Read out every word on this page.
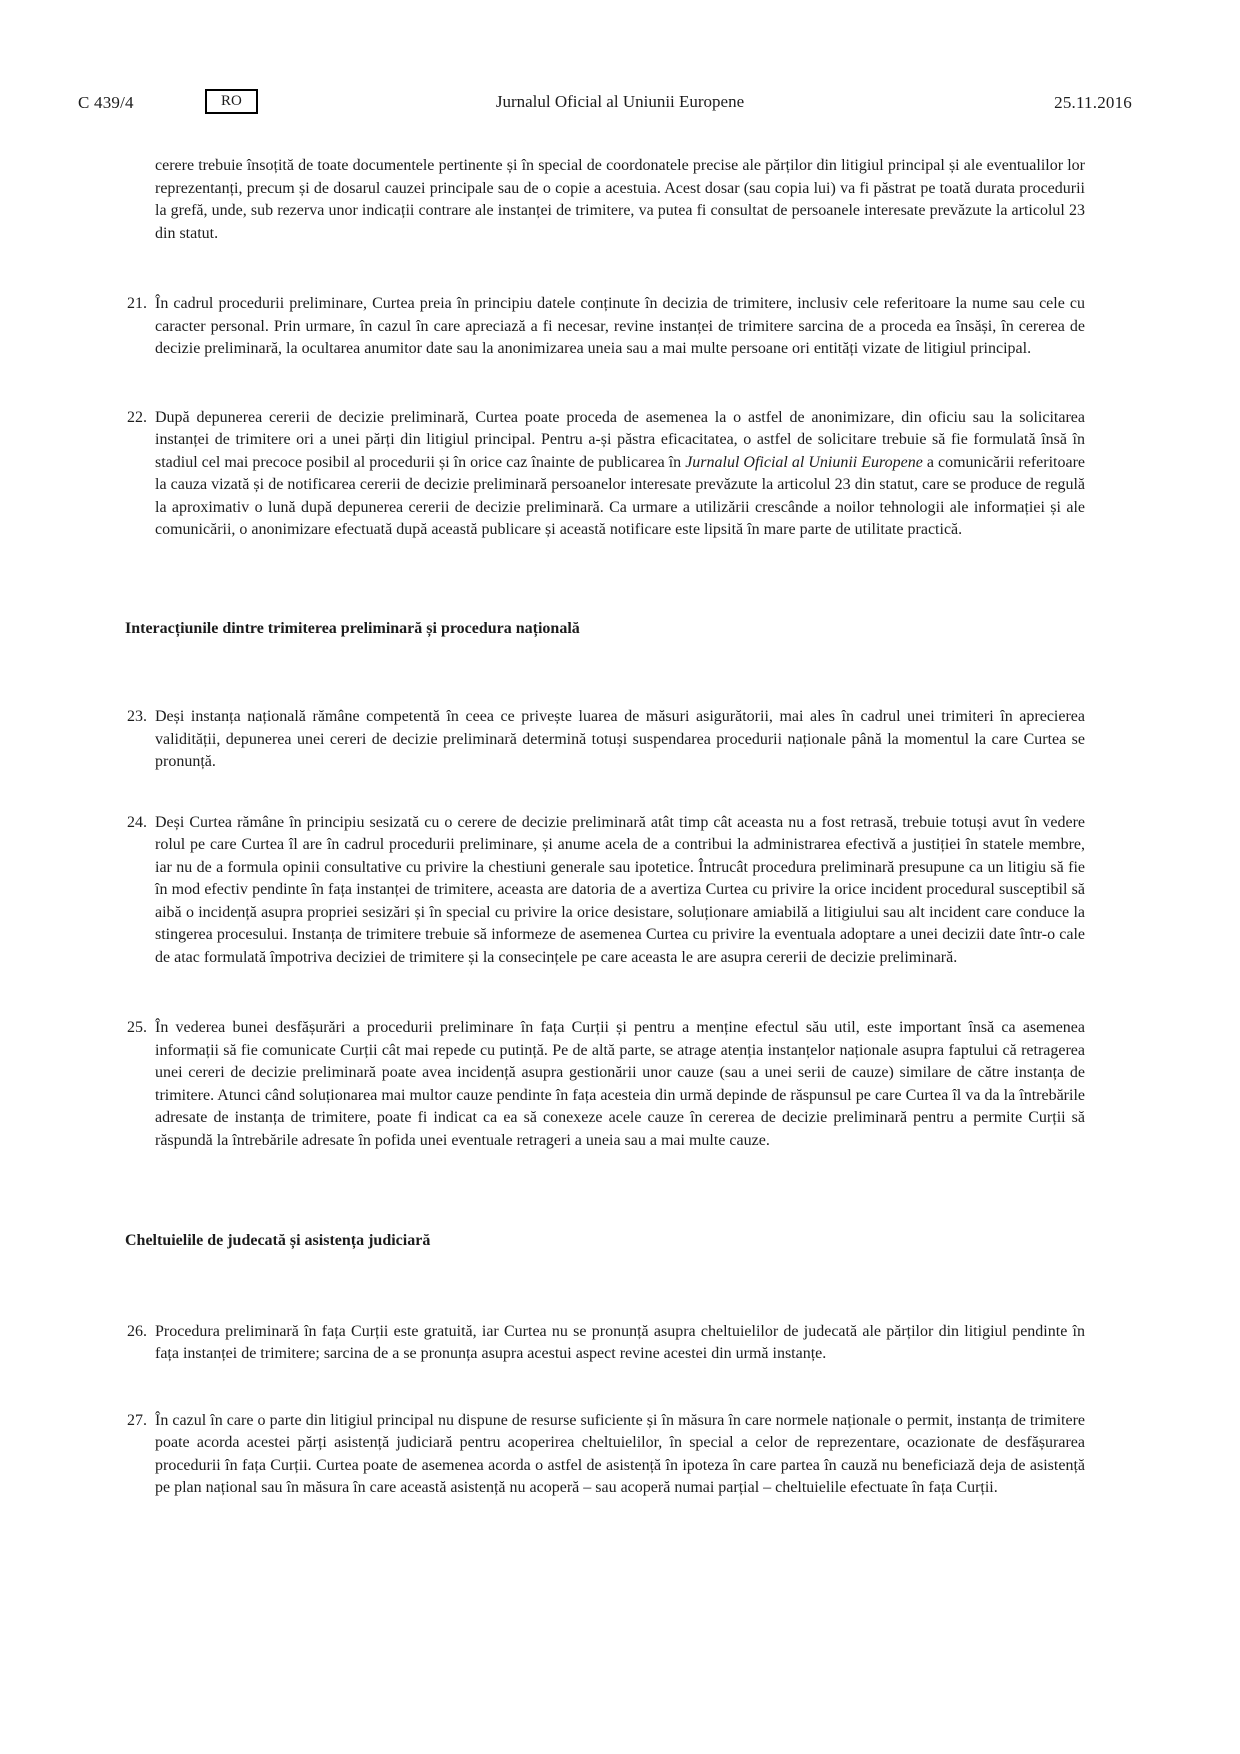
Jurnalul Oficial al Uniunii Europene
C 439/4	RO	25.11.2016

cerere trebuie însoțită de toate documentele pertinente și în special de coordonatele precise ale părților din litigiul principal și ale eventualilor lor reprezentanți, precum și de dosarul cauzei principale sau de o copie a acestuia. Acest dosar (sau copia lui) va fi păstrat pe toată durata procedurii la grefă, unde, sub rezerva unor indicații contrare ale instanței de trimitere, va putea fi consultat de persoanele interesate prevăzute la articolul 23 din statut.

21. În cadrul procedurii preliminare, Curtea preia în principiu datele conținute în decizia de trimitere, inclusiv cele referitoare la nume sau cele cu caracter personal. Prin urmare, în cazul în care apreciază a fi necesar, revine instanței de trimitere sarcina de a proceda ea însăși, în cererea de decizie preliminară, la ocultarea anumitor date sau la anonimizarea uneia sau a mai multe persoane ori entități vizate de litigiul principal.
22. După depunerea cererii de decizie preliminară, Curtea poate proceda de asemenea la o astfel de anonimizare, din oficiu sau la solicitarea instanței de trimitere ori a unei părți din litigiul principal. Pentru a-și păstra eficacitatea, o astfel de solicitare trebuie să fie formulată însă în stadiul cel mai precoce posibil al procedurii și în orice caz înainte de publicarea în Jurnalul Oficial al Uniunii Europene a comunicării referitoare la cauza vizată și de notificarea cererii de decizie preliminară persoanelor interesate prevăzute la articolul 23 din statut, care se produce de regulă la aproximativ o lună după depunerea cererii de decizie preliminară. Ca urmare a utilizării crescânde a noilor tehnologii ale informației și ale comunicării, o anonimizare efectuată după această publicare și această notificare este lipsită în mare parte de utilitate practică.
Interacțiunile dintre trimiterea preliminară și procedura națională
23. Deși instanța națională rămâne competentă în ceea ce privește luarea de măsuri asigurătorii, mai ales în cadrul unei trimiteri în aprecierea validității, depunerea unei cereri de decizie preliminară determină totuși suspendarea procedurii naționale până la momentul la care Curtea se pronunță.
24. Deși Curtea rămâne în principiu sesizată cu o cerere de decizie preliminară atât timp cât aceasta nu a fost retrasă, trebuie totuși avut în vedere rolul pe care Curtea îl are în cadrul procedurii preliminare, și anume acela de a contribui la administrarea efectivă a justiției în statele membre, iar nu de a formula opinii consultative cu privire la chestiuni generale sau ipotetice. Întrucât procedura preliminară presupune ca un litigiu să fie în mod efectiv pendinte în fața instanței de trimitere, aceasta are datoria de a avertiza Curtea cu privire la orice incident procedural susceptibil să aibă o incidență asupra propriei sesizări și în special cu privire la orice desistare, soluționare amiabilă a litigiului sau alt incident care conduce la stingerea procesului. Instanța de trimitere trebuie să informeze de asemenea Curtea cu privire la eventuala adoptare a unei decizii date într-o cale de atac formulată împotriva deciziei de trimitere și la consecințele pe care aceasta le are asupra cererii de decizie preliminară.
25. În vederea bunei desfășurări a procedurii preliminare în fața Curții și pentru a menține efectul său util, este important însă ca asemenea informații să fie comunicate Curții cât mai repede cu putință. Pe de altă parte, se atrage atenția instanțelor naționale asupra faptului că retragerea unei cereri de decizie preliminară poate avea incidență asupra gestionării unor cauze (sau a unei serii de cauze) similare de către instanța de trimitere. Atunci când soluționarea mai multor cauze pendinte în fața acesteia din urmă depinde de răspunsul pe care Curtea îl va da la întrebările adresate de instanța de trimitere, poate fi indicat ca ea să conexeze acele cauze în cererea de decizie preliminară pentru a permite Curții să răspundă la întrebările adresate în pofida unei eventuale retrageri a uneia sau a mai multe cauze.
Cheltuielile de judecată și asistența judiciară
26. Procedura preliminară în fața Curții este gratuită, iar Curtea nu se pronunță asupra cheltuielilor de judecată ale părților din litigiul pendinte în fața instanței de trimitere; sarcina de a se pronunța asupra acestui aspect revine acestei din urmă instanțe.
27. În cazul în care o parte din litigiul principal nu dispune de resurse suficiente și în măsura în care normele naționale o permit, instanța de trimitere poate acorda acestei părți asistență judiciară pentru acoperirea cheltuielilor, în special a celor de reprezentare, ocazionate de desfășurarea procedurii în fața Curții. Curtea poate de asemenea acorda o astfel de asistență în ipoteza în care partea în cauză nu beneficiază deja de asistență pe plan național sau în măsura în care această asistență nu acoperă – sau acoperă numai parțial – cheltuielile efectuate în fața Curții.
